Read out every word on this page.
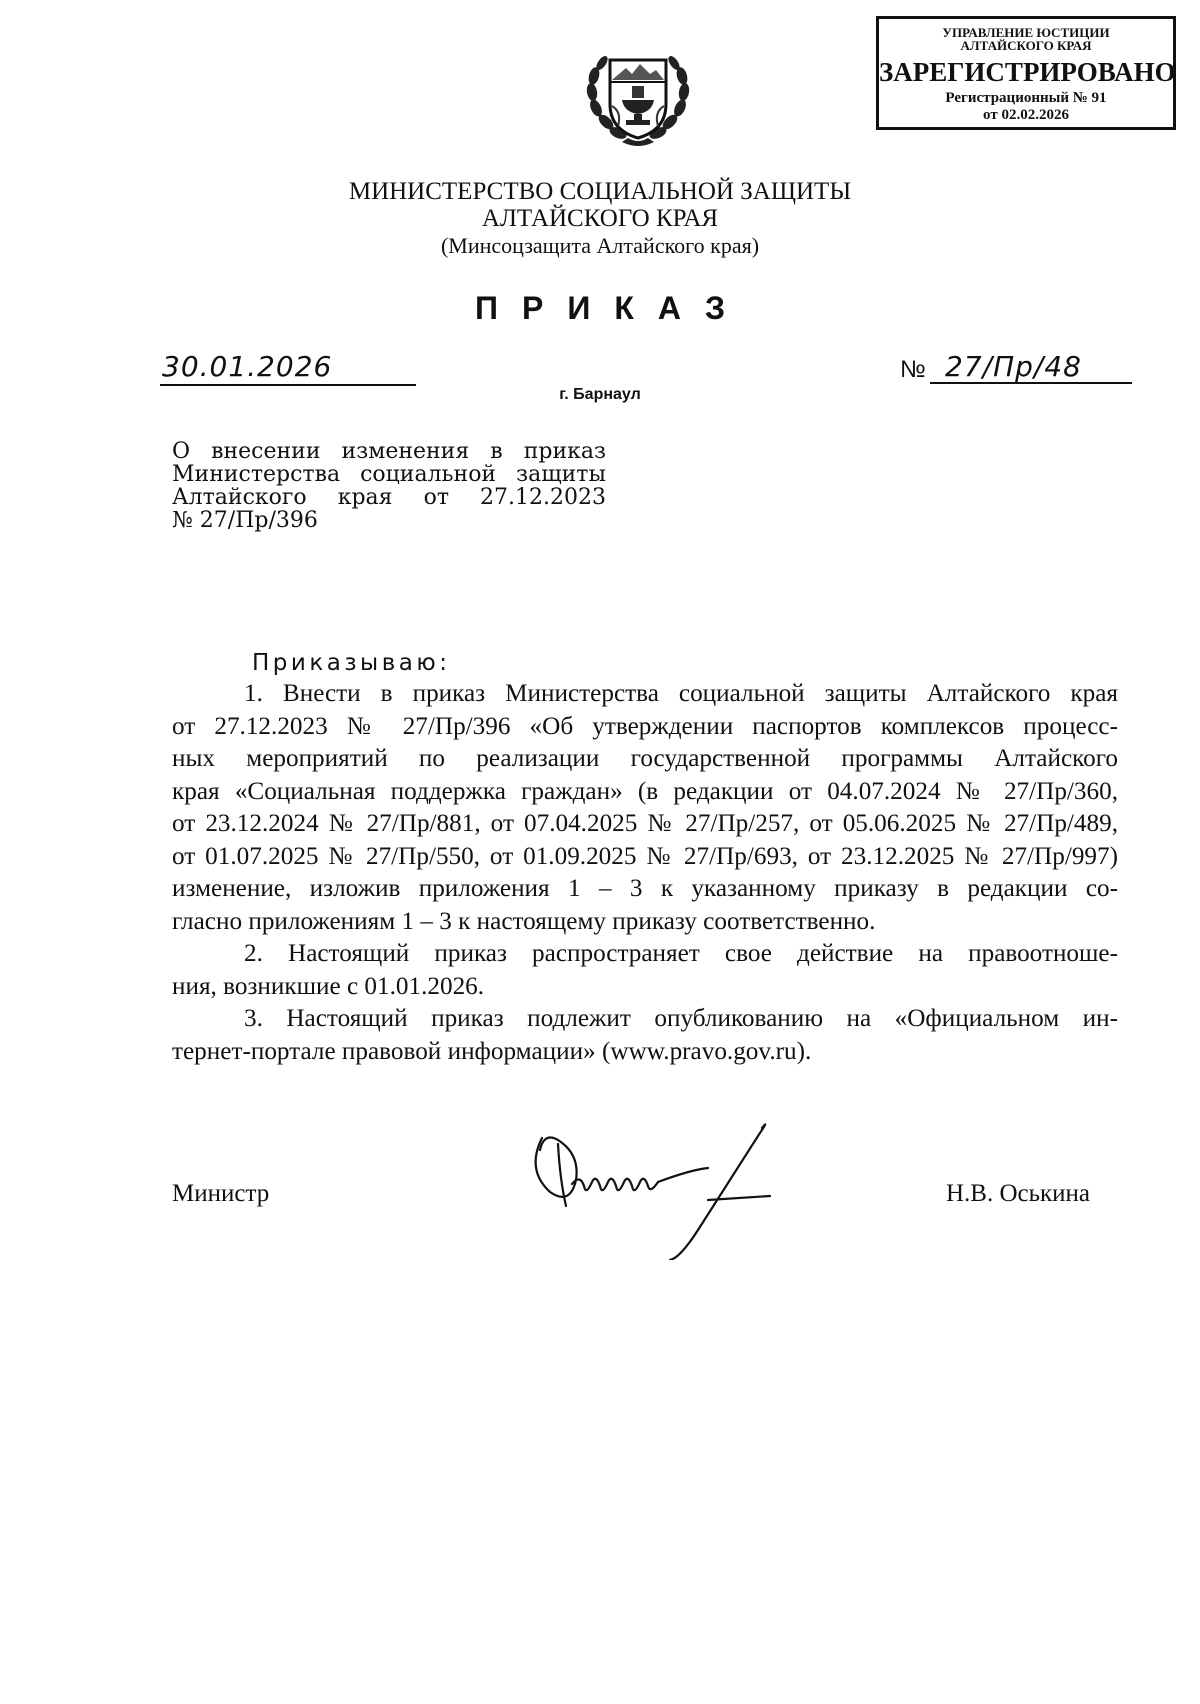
УПРАВЛЕНИЕ ЮСТИЦИИ
АЛТАЙСКОГО КРАЯ
ЗАРЕГИСТРИРОВАНО
Регистрационный № 91
от 02.02.2026
МИНИСТЕРСТВО СОЦИАЛЬНОЙ ЗАЩИТЫ
АЛТАЙСКОГО КРАЯ
(Минсоцзащита Алтайского края)
ПРИКАЗ
30.01.2026	№ 27/Пр/48
г. Барнаул
О внесении изменения в приказ
Министерства социальной защиты
Алтайского края от 27.12.2023
№ 27/Пр/396
Приказываю:
1. Внести в приказ Министерства социальной защиты Алтайского края
от 27.12.2023 № 27/Пр/396 «Об утверждении паспортов комплексов процесс-
ных мероприятий по реализации государственной программы Алтайского
края «Социальная поддержка граждан» (в редакции от 04.07.2024 № 27/Пр/360,
от 23.12.2024 № 27/Пр/881, от 07.04.2025 № 27/Пр/257, от 05.06.2025 № 27/Пр/489,
от 01.07.2025 № 27/Пр/550, от 01.09.2025 № 27/Пр/693, от 23.12.2025 № 27/Пр/997)
изменение, изложив приложения 1 – 3 к указанному приказу в редакции со-
гласно приложениям 1 – 3 к настоящему приказу соответственно.
2. Настоящий приказ распространяет свое действие на правоотноше-
ния, возникшие с 01.01.2026.
3. Настоящий приказ подлежит опубликованию на «Официальном ин-
тернет-портале правовой информации» (www.pravo.gov.ru).
Министр	Н.В. Оськина
